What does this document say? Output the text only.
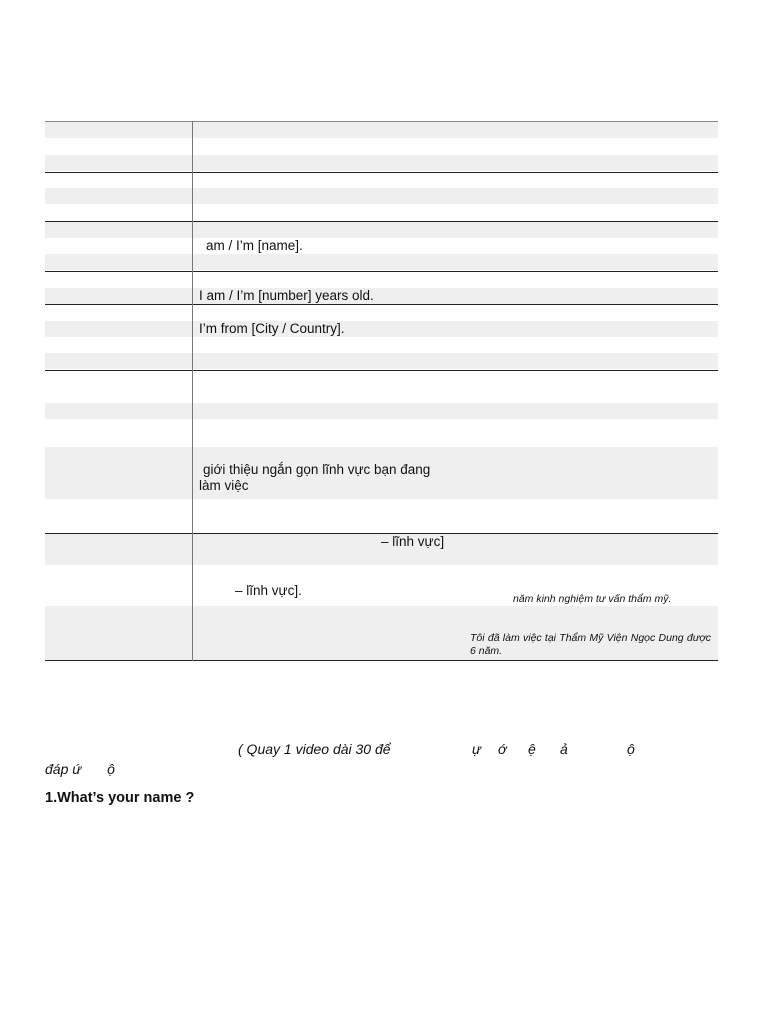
am / I’m [name].
I am / I’m [number] years old.
I’m from [City / Country].
giới thiệu ngắn gọn lĩnh vực bạn đang làm việc
– lĩnh vực]
– lĩnh vực].
năm kinh nghiệm tư vấn thẩm mỹ.
Tôi đã làm việc tại Thẩm Mỹ Viện Ngọc Dung được 6 năm.
( Quay 1 video dài 30 để	ự ớ ệ ả	ộ
đáp ứ ộ
1.What’s your name ?
